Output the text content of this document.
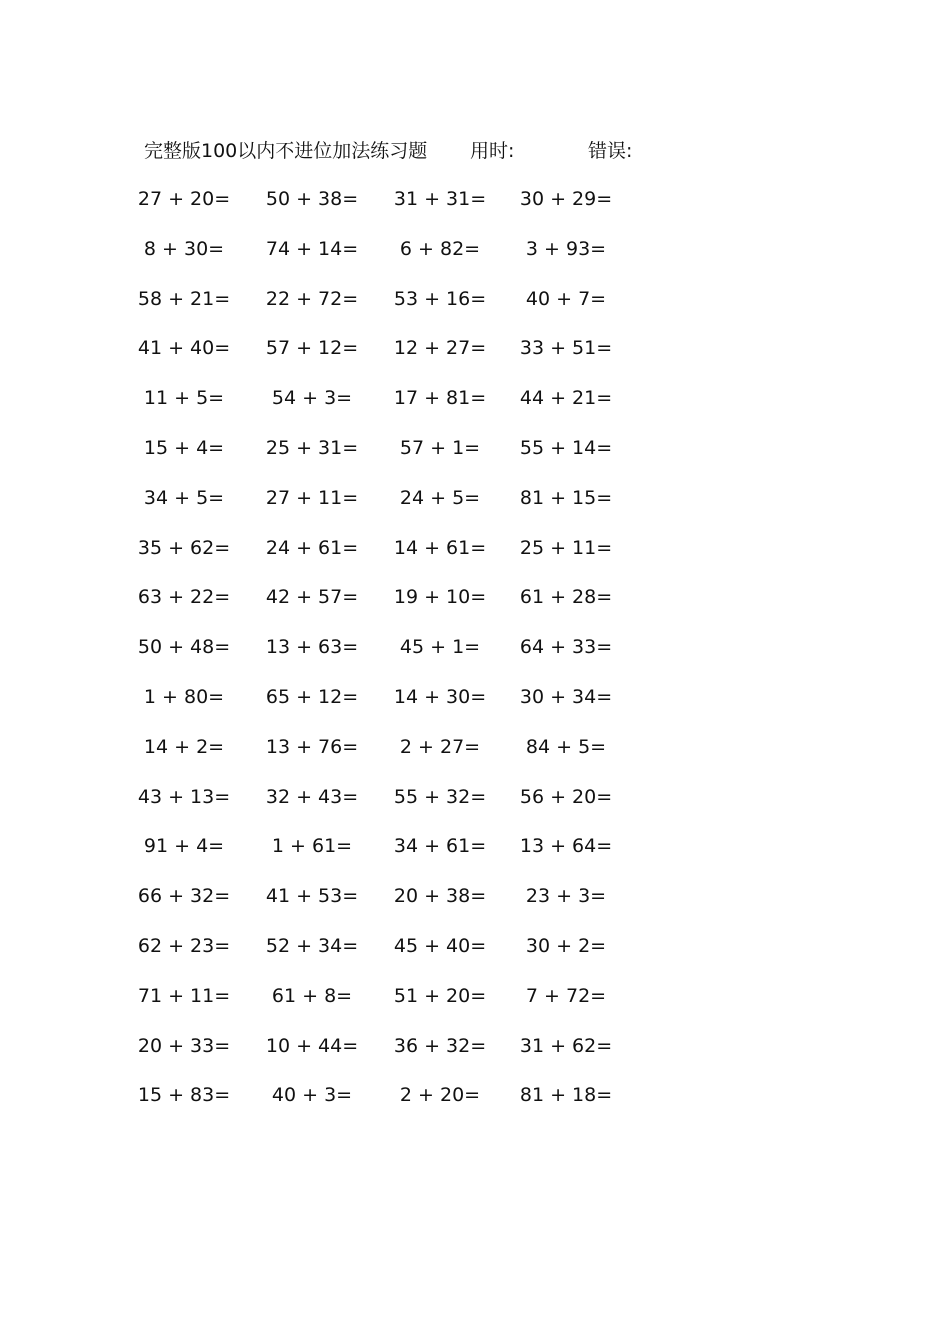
完整版100以内不进位加法练习题 用时:	错误:
27 + 20= 50 + 38= 31 + 31= 30 + 29=
8 + 30= 74 + 14= 6 + 82= 3 + 93=
58 + 21= 22 + 72= 53 + 16= 40 + 7=
41 + 40= 57 + 12= 12 + 27= 33 + 51=
11 + 5=	54 + 3= 17 + 81= 44 + 21=
15 + 4= 25 + 31= 57 + 1= 55 + 14=
34 + 5= 27 + 11= 24 + 5= 81 + 15=
35 + 62= 24 + 61= 14 + 61= 25 + 11=
63 + 22= 42 + 57= 19 + 10= 61 + 28=
50 + 48= 13 + 63= 45 + 1= 64 + 33=
1 + 80= 65 + 12= 14 + 30= 30 + 34=
14 + 2= 13 + 76= 2 + 27= 84 + 5=
43 + 13= 32 + 43= 55 + 32= 56 + 20=
91 + 4=	1 + 61= 34 + 61= 13 + 64=
66 + 32= 41 + 53= 20 + 38= 23 + 3=
62 + 23= 52 + 34= 45 + 40= 30 + 2=
71 + 11= 61 + 8= 51 + 20= 7 + 72=
20 + 33= 10 + 44= 36 + 32= 31 + 62=
15 + 83= 40 + 3=	2 + 20= 81 + 18=
